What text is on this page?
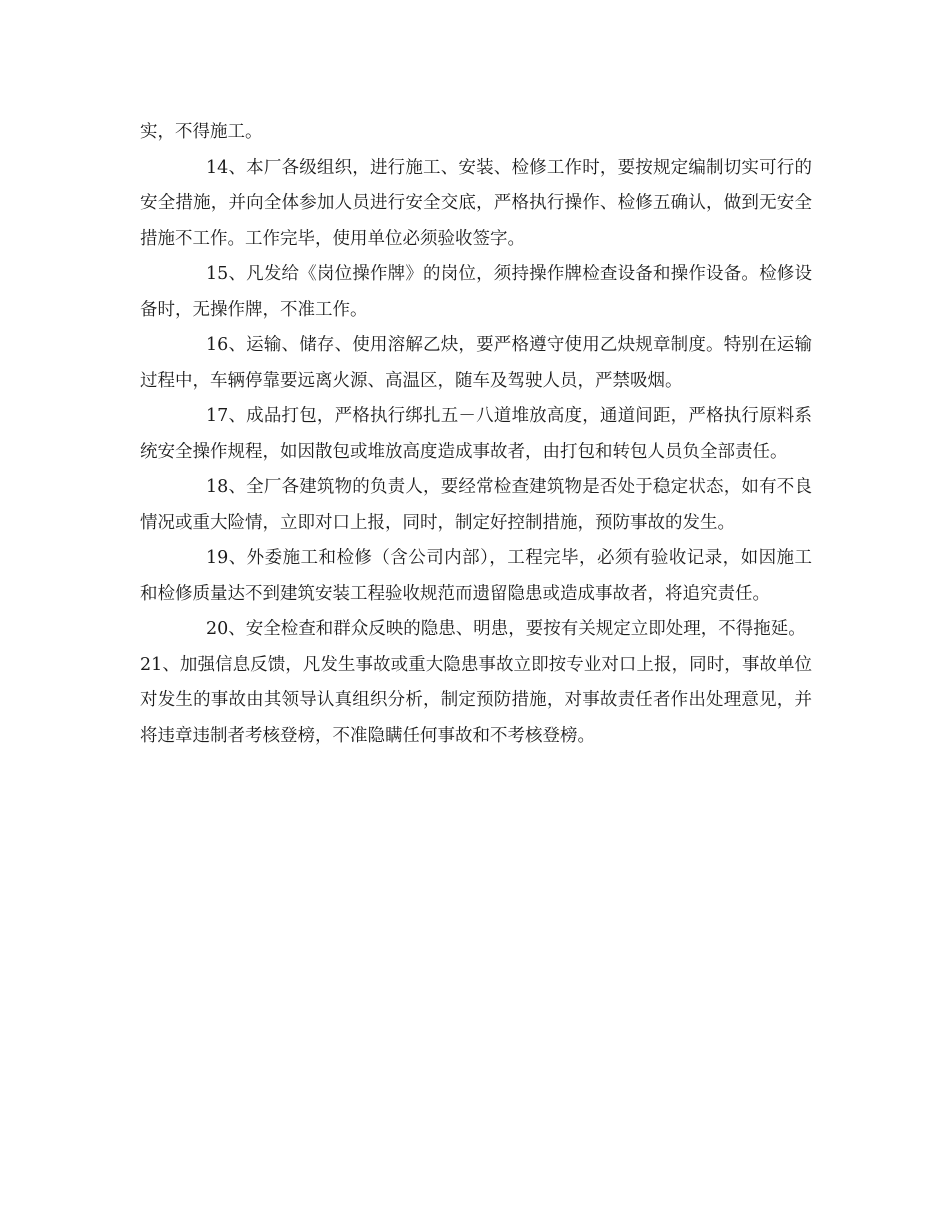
实，不得施工。

14、本厂各级组织，进行施工、安装、检修工作时，要按规定编制切实可行的安全措施，并向全体参加人员进行安全交底，严格执行操作、检修五确认，做到无安全措施不工作。工作完毕，使用单位必须验收签字。

15、凡发给《岗位操作牌》的岗位，须持操作牌检查设备和操作设备。检修设备时，无操作牌，不准工作。

16、运输、储存、使用溶解乙炔，要严格遵守使用乙炔规章制度。特别在运输过程中，车辆停靠要远离火源、高温区，随车及驾驶人员，严禁吸烟。

17、成品打包，严格执行绑扎五－八道堆放高度，通道间距，严格执行原料系统安全操作规程，如因散包或堆放高度造成事故者，由打包和转包人员负全部责任。

18、全厂各建筑物的负责人，要经常检查建筑物是否处于稳定状态，如有不良情况或重大险情，立即对口上报，同时，制定好控制措施，预防事故的发生。

19、外委施工和检修（含公司内部），工程完毕，必须有验收记录，如因施工和检修质量达不到建筑安装工程验收规范而遗留隐患或造成事故者，将追究责任。

20、安全检查和群众反映的隐患、明患，要按有关规定立即处理，不得拖延。

21、加强信息反馈，凡发生事故或重大隐患事故立即按专业对口上报，同时，事故单位对发生的事故由其领导认真组织分析，制定预防措施，对事故责任者作出处理意见，并将违章违制者考核登榜，不准隐瞒任何事故和不考核登榜。
